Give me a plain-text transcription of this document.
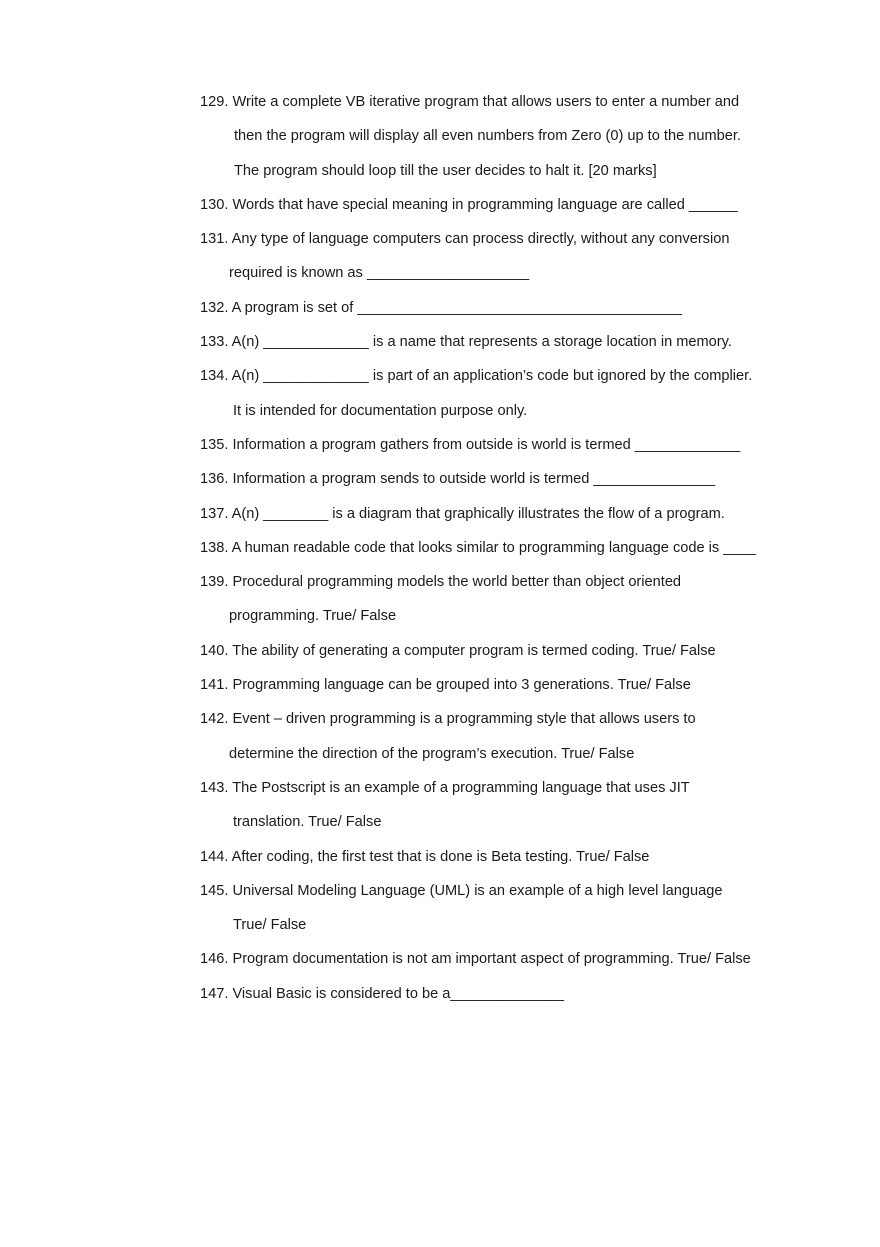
129. Write a complete VB iterative program that allows users to enter a number and
then the program will display all even numbers from Zero (0) up to the number.
The program should loop till the user decides to halt it. [20 marks]
130. Words that have special meaning in programming language are called ______
131. Any type of language computers can process directly, without any conversion
required is known as ____________________
132. A program is set of ________________________________________
133. A(n) _____________ is a name that represents a storage location in memory.
134. A(n) _____________ is part of an application’s code but ignored by the complier.
It is intended for documentation purpose only.
135. Information a program gathers from outside is world is termed _____________
136. Information a program sends to outside world is termed _______________
137. A(n) ________ is a diagram that graphically illustrates the flow of a program.
138. A human readable code that looks similar to programming language code is ____
139. Procedural programming models the world better than object oriented
programming. True/ False
140. The ability of generating a computer program is termed coding. True/ False
141. Programming language can be grouped into 3 generations. True/ False
142. Event – driven programming is a programming style that allows users to
determine the direction of the program’s execution. True/ False
143. The Postscript is an example of a programming language that uses JIT
translation. True/ False
144. After coding, the first test that is done is Beta testing. True/ False
145. Universal Modeling Language (UML) is an example of a high level language
True/ False
146. Program documentation is not am important aspect of programming. True/ False
147. Visual Basic is considered to be a______________
